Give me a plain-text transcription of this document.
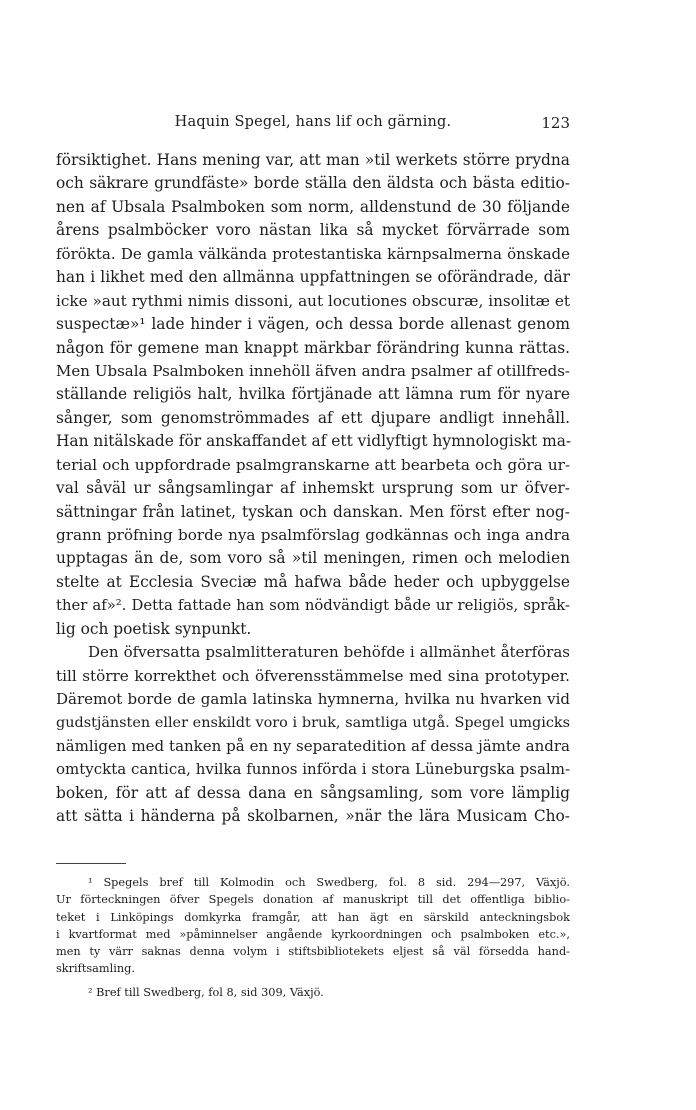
Haquin Spegel, hans lif och gärning.	123
försiktighet. Hans mening var, att man »til werkets större prydna
och säkrare grundfäste» borde ställa den äldsta och bästa editio-
nen af Ubsala Psalmboken som norm, alldenstund de 30 följande
årens psalmböcker voro nästan lika så mycket förvärrade som
förökta. De gamla välkända protestantiska kärnpsalmerna önskade
han i likhet med den allmänna uppfattningen se oförändrade, där
icke »aut rythmi nimis dissoni, aut locutiones obscuræ, insolitæ et
suspectæ»¹ lade hinder i vägen, och dessa borde allenast genom
någon för gemene man knappt märkbar förändring kunna rättas.
Men Ubsala Psalmboken innehöll äfven andra psalmer af otillfreds-
ställande religiös halt, hvilka förtjänade att lämna rum för nyare
sånger, som genomströmmades af ett djupare andligt innehåll.
Han nitälskade för anskaffandet af ett vidlyftigt hymnologiskt ma-
terial och uppfordrade psalmgranskarne att bearbeta och göra ur-
val såväl ur sångsamlingar af inhemskt ursprung som ur öfver-
sättningar från latinet, tyskan och danskan. Men först efter nog-
grann pröfning borde nya psalmförslag godkännas och inga andra
upptagas än de, som voro så »til meningen, rimen och melodien
stelte at Ecclesia Sveciæ må hafwa både heder och upbyggelse
ther af»². Detta fattade han som nödvändigt både ur religiös, språk-
lig och poetisk synpunkt.
Den öfversatta psalmlitteraturen behöfde i allmänhet återföras
till större korrekthet och öfverensstämmelse med sina prototyper.
Däremot borde de gamla latinska hymnerna, hvilka nu hvarken vid
gudstjänsten eller enskildt voro i bruk, samtliga utgå. Spegel umgicks
nämligen med tanken på en ny separatedition af dessa jämte andra
omtyckta cantica, hvilka funnos införda i stora Lüneburgska psalm-
boken, för att af dessa dana en sångsamling, som vore lämplig
att sätta i händerna på skolbarnen, »när the lära Musicam Cho-
¹ Spegels bref till Kolmodin och Swedberg, fol. 8 sid. 294—297, Växjö.
Ur förteckningen öfver Spegels donation af manuskript till det offentliga biblio-
teket i Linköpings domkyrka framgår, att han ägt en särskild anteckningsbok
i kvartformat med »påminnelser angående kyrkoordningen och psalmboken etc.»,
men ty värr saknas denna volym i stiftsbibliotekets eljest så väl försedda hand-
skriftsamling.
² Bref till Swedberg, fol 8, sid 309, Växjö.
